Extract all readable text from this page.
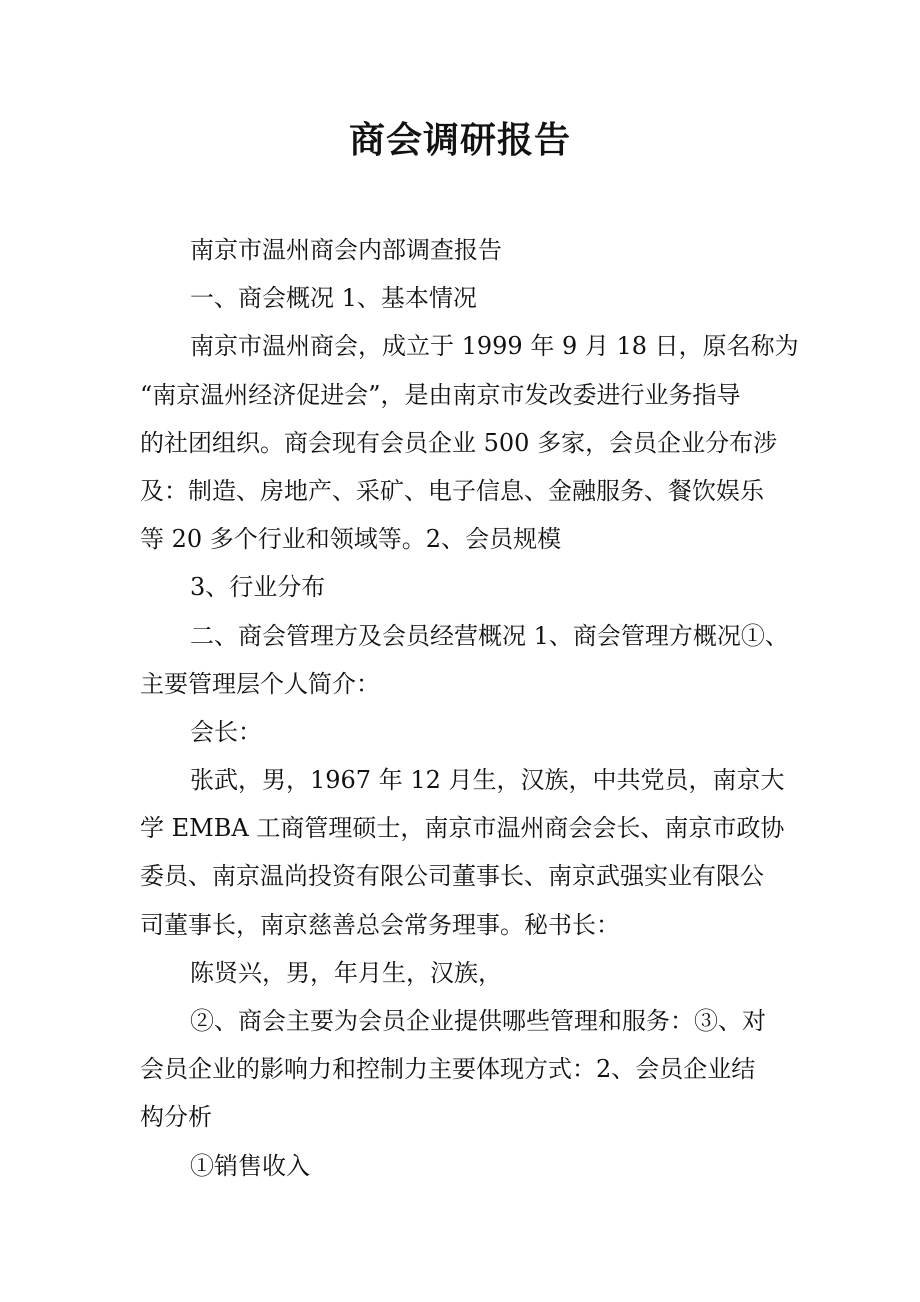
商会调研报告
南京市温州商会内部调查报告
一、商会概况 1、基本情况
南京市温州商会，成立于 1999 年 9 月 18 日，原名称为
“南京温州经济促进会”，是由南京市发改委进行业务指导
的社团组织。商会现有会员企业 500 多家，会员企业分布涉
及：制造、房地产、采矿、电子信息、金融服务、餐饮娱乐
等 20 多个行业和领域等。2、会员规模
3、行业分布
二、商会管理方及会员经营概况 1、商会管理方概况①、
主要管理层个人简介：
会长：
张武，男，1967 年 12 月生，汉族，中共党员，南京大
学 EMBA 工商管理硕士，南京市温州商会会长、南京市政协
委员、南京温尚投资有限公司董事长、南京武强实业有限公
司董事长，南京慈善总会常务理事。秘书长：
陈贤兴，男，年月生，汉族，
②、商会主要为会员企业提供哪些管理和服务：③、对
会员企业的影响力和控制力主要体现方式：2、会员企业结
构分析
①销售收入
